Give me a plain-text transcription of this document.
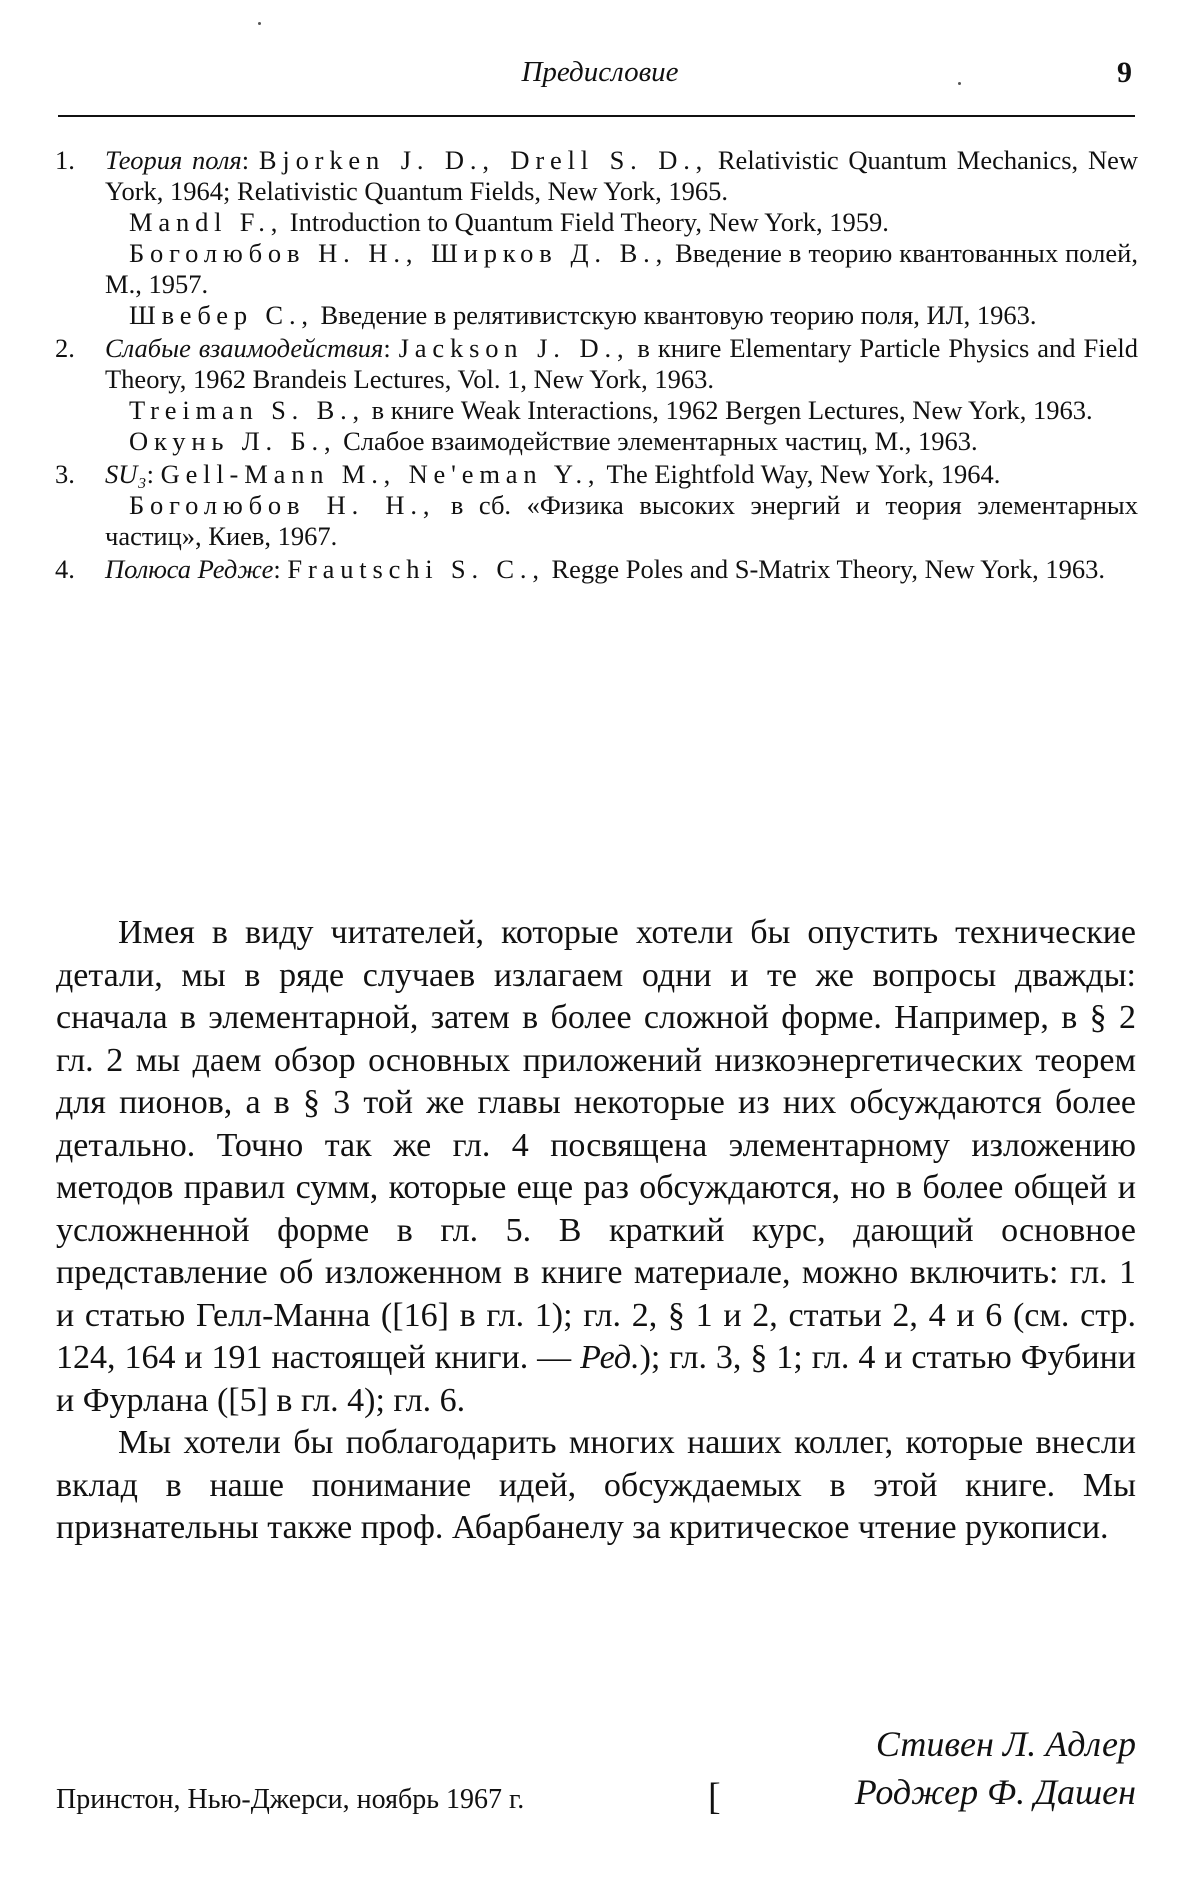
Предисловие	9
1.	Теория поля: Bjorken J. D., Drell S. D., Relativistic Quantum Mechanics, New York, 1964; Relativistic Quantum Fields, New York, 1965.
Mandl F., Introduction to Quantum Field Theory, New York, 1959.
Боголюбов Н. Н., Ширков Д. В., Введение в теорию квантованных полей, М., 1957.
Швебер С., Введение в релятивистскую квантовую теорию поля, ИЛ, 1963.
2.	Слабые взаимодействия: Jackson J. D., в книге Elementary Particle Physics and Field Theory, 1962 Brandeis Lectures, Vol. 1, New York, 1963.
Treiman S. B., в книге Weak Interactions, 1962 Bergen Lectures, New York, 1963.
Окунь Л. Б., Слабое взаимодействие элементарных частиц, М., 1963.
3.	SU₃: Gell-Mann M., Ne'eman Y., The Eightfold Way, New York, 1964.
Боголюбов Н. Н., в сб. «Физика высоких энергий и теория элементарных частиц», Киев, 1967.
4.	Полюса Редже: Frautschi S. C., Regge Poles and S-Matrix Theory, New York, 1963.

Имея в виду читателей, которые хотели бы опустить технические детали, мы в ряде случаев излагаем одни и те же вопросы дважды: сначала в элементарной, затем в более сложной форме. Например, в § 2 гл. 2 мы даем обзор основных приложений низкоэнергетических теорем для пионов, а в § 3 той же главы некоторые из них обсуждаются более детально. Точно так же гл. 4 посвящена элементарному изложению методов правил сумм, которые еще раз обсуждаются, но в более общей и усложненной форме в гл. 5. В краткий курс, дающий основное представление об изложенном в книге материале, можно включить: гл. 1 и статью Гелл-Манна ([16] в гл. 1); гл. 2, § 1 и 2, статьи 2, 4 и 6 (см. стр. 124, 164 и 191 настоящей книги. — Ред.); гл. 3, § 1; гл. 4 и статью Фубини и Фурлана ([5] в гл. 4); гл. 6.

Мы хотели бы поблагодарить многих наших коллег, которые внесли вклад в наше понимание идей, обсуждаемых в этой книге. Мы признательны также проф. Абарбанелу за критическое чтение рукописи.

Стивен Л. Адлер
Роджер Ф. Дашен
[
Принстон, Нью-Джерси, ноябрь 1967 г.
